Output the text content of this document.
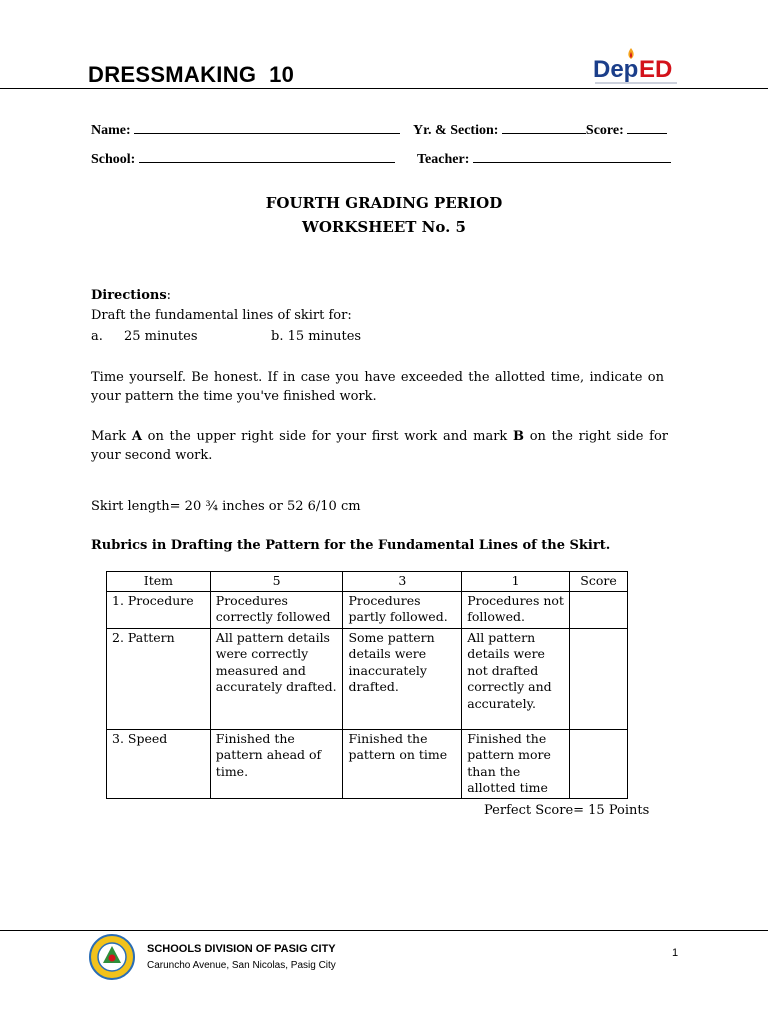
DRESSMAKING  10	Dep ED
Name:	Yr. & Section:	Score:
School:	Teacher:
FOURTH GRADING PERIOD
WORKSHEET No. 5
Directions:
Draft the fundamental lines of skirt for:
a. 25 minutes	b. 15 minutes
Time yourself. Be honest. If in case you have exceeded the allotted time, indicate on your pattern the time you've finished work.
Mark A on the upper right side for your first work and mark B on the right side for your second work.
Skirt length= 20 ¾ inches or 52 6/10 cm
Rubrics in Drafting the Pattern for the Fundamental Lines of the Skirt.
Item	5	3	1	Score
1. Procedure	Procedures correctly followed	Procedures partly followed.	Procedures not followed.	
2. Pattern	All pattern details were correctly measured and accurately drafted.	Some pattern details were inaccurately drafted.	All pattern details were not drafted correctly and accurately.	
3. Speed	Finished the pattern ahead of time.	Finished the pattern on time	Finished the pattern more than the allotted time	
Perfect Score= 15 Points
SCHOOLS DIVISION OF PASIG CITY
Caruncho Avenue, San Nicolas, Pasig City
1
